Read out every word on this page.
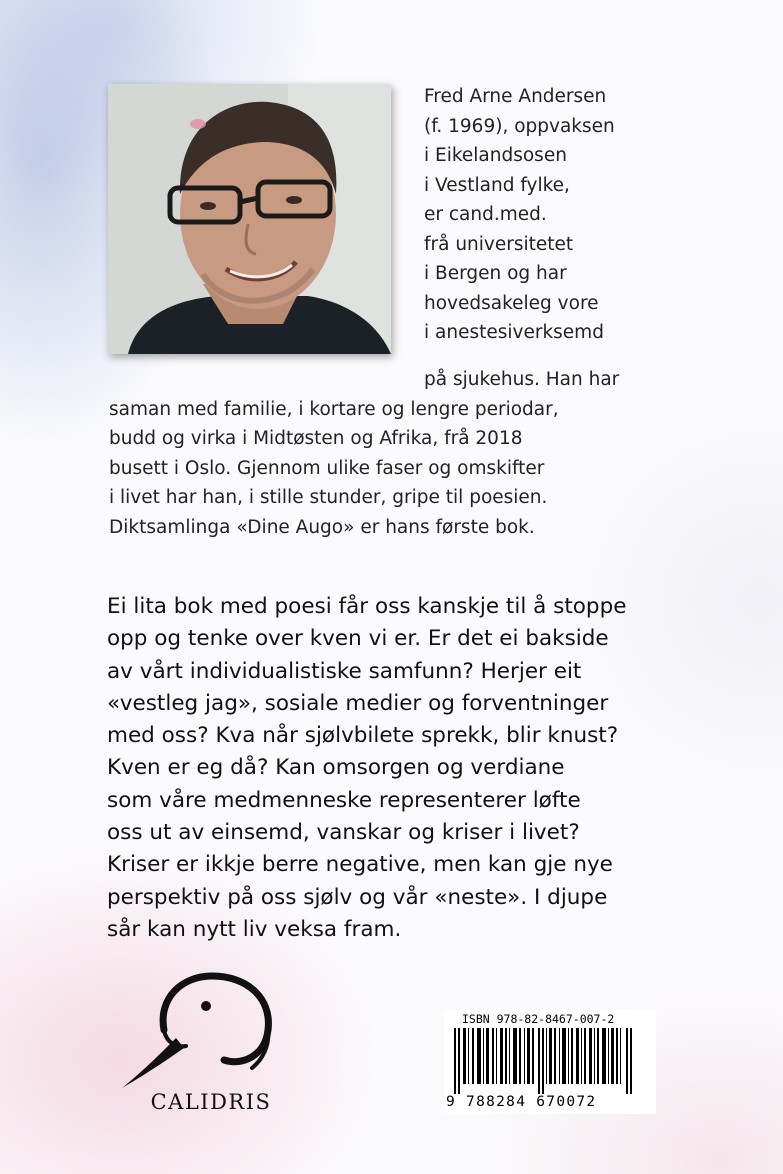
Fred Arne Andersen
(f. 1969), oppvaksen
i Eikelandsosen
i Vestland fylke,
er cand.med.
frå universitetet
i Bergen og har
hovedsakeleg vore
i anestesiverksemd

på sjukehus. Han har
saman med familie, i kortare og lengre periodar,
budd og virka i Midtøsten og Afrika, frå 2018
busett i Oslo. Gjennom ulike faser og omskifter
i livet har han, i stille stunder, gripe til poesien.
Diktsamlinga «Dine Augo» er hans første bok.

Ei lita bok med poesi får oss kanskje til å stoppe
opp og tenke over kven vi er. Er det ei bakside
av vårt individualistiske samfunn? Herjer eit
«vestleg jag», sosiale medier og forventninger
med oss? Kva når sjølvbilete sprekk, blir knust?
Kven er eg då? Kan omsorgen og verdiane
som våre medmenneske representerer løfte
oss ut av einsemd, vanskar og kriser i livet?
Kriser er ikkje berre negative, men kan gje nye
perspektiv på oss sjølv og vår «neste». I djupe
sår kan nytt liv veksa fram.

CALIDRIS
ISBN 978-82-8467-007-2
9 788284 670072
